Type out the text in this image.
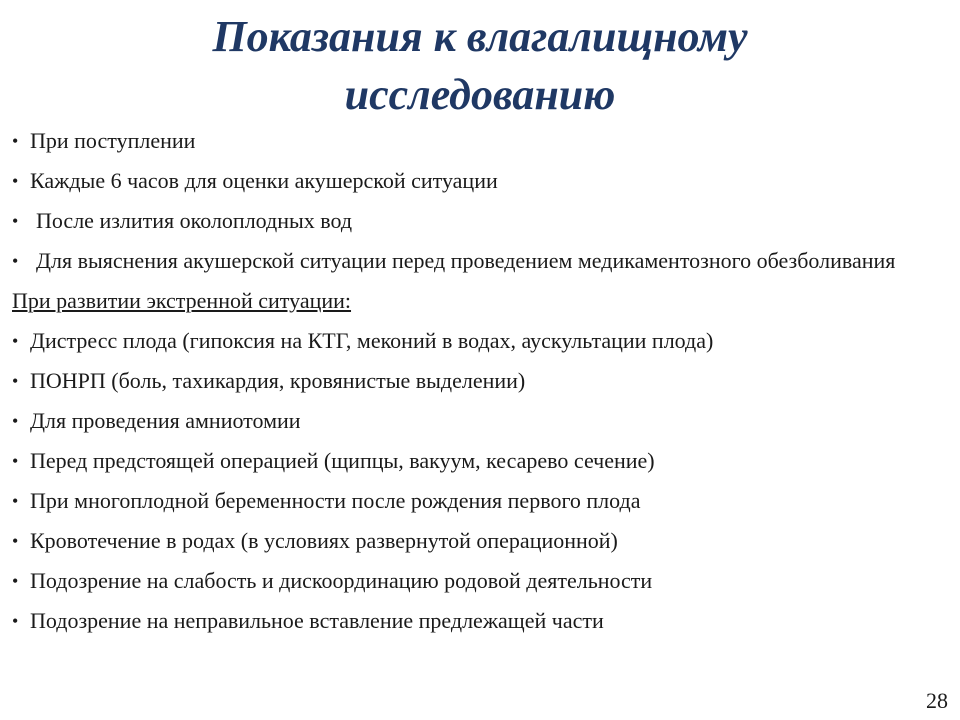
Показания к влагалищному
исследованию
• При поступлении
• Каждые 6 часов для оценки акушерской ситуации
• После излития околоплодных вод
• Для выяснения акушерской ситуации перед проведением медикаментозного обезболивания
При развитии экстренной ситуации:
• Дистресс плода (гипоксия на КТГ, меконий в водах, аускультации плода)
• ПОНРП (боль, тахикардия, кровянистые выделении)
• Для проведения амниотомии
• Перед предстоящей операцией (щипцы, вакуум, кесарево сечение)
• При многоплодной беременности после рождения первого плода
• Кровотечение в родах (в условиях развернутой операционной)
• Подозрение на слабость и дискоординацию родовой деятельности
• Подозрение на неправильное вставление предлежащей части
28
